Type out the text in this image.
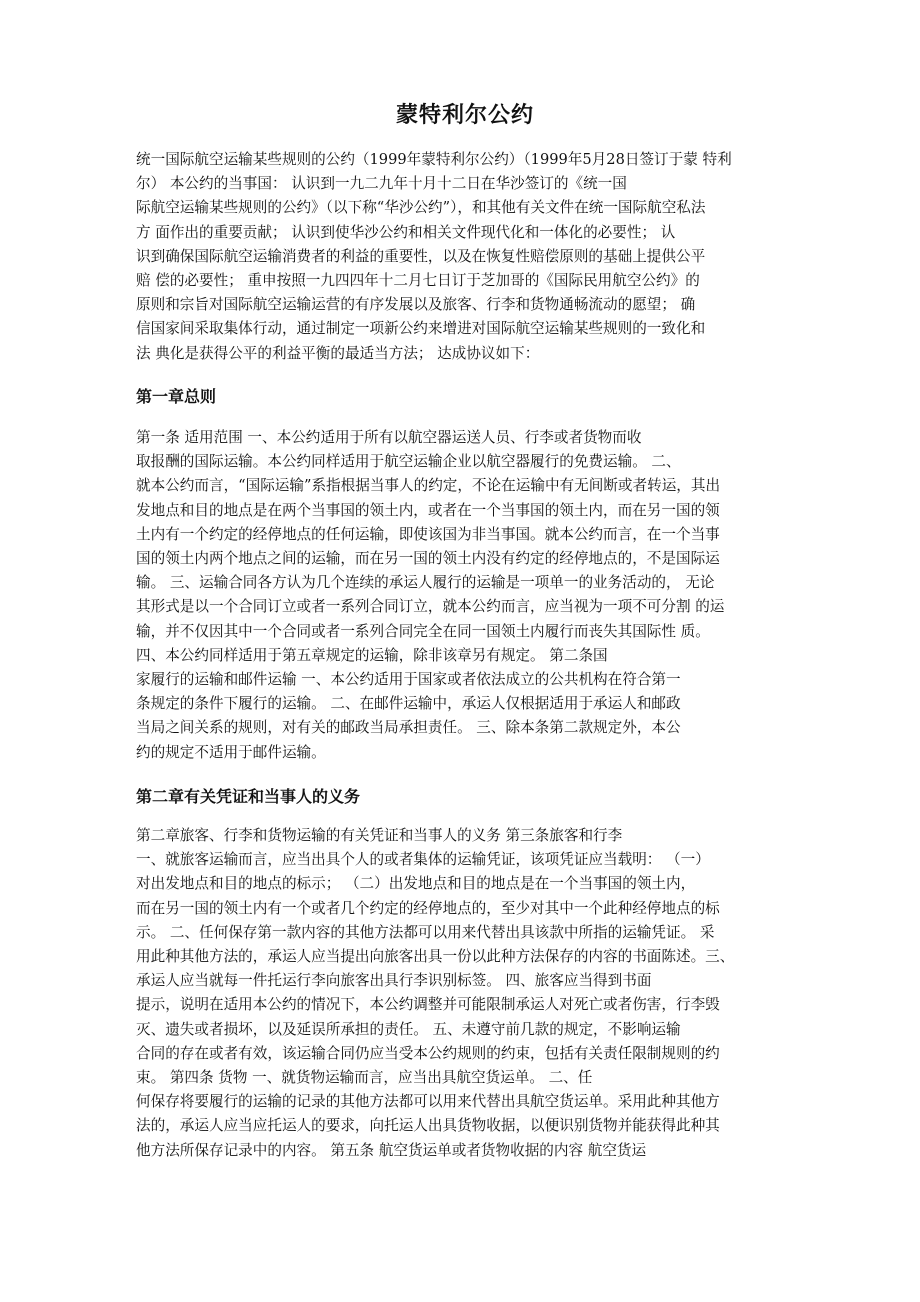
蒙特利尔公约
统一国际航空运输某些规则的公约（1999年蒙特利尔公约）（1999年5月28日签订于蒙 特利
尔） 本公约的当事国： 认识到一九二九年十月十二日在华沙签订的《统一国
际航空运输某些规则的公约》（以下称“华沙公约”），和其他有关文件在统一国际航空私法
方 面作出的重要贡献； 认识到使华沙公约和相关文件现代化和一体化的必要性； 认
识到确保国际航空运输消费者的利益的重要性，以及在恢复性赔偿原则的基础上提供公平
赔 偿的必要性； 重申按照一九四四年十二月七日订于芝加哥的《国际民用航空公约》的
原则和宗旨对国际航空运输运营的有序发展以及旅客、行李和货物通畅流动的愿望； 确
信国家间采取集体行动，通过制定一项新公约来增进对国际航空运输某些规则的一致化和
法 典化是获得公平的利益平衡的最适当方法； 达成协议如下：
第一章总则
第一条 适用范围 一、本公约适用于所有以航空器运送人员、行李或者货物而收
取报酬的国际运输。本公约同样适用于航空运输企业以航空器履行的免费运输。 二、
就本公约而言，“国际运输”系指根据当事人的约定，不论在运输中有无间断或者转运，其出
发地点和目的地点是在两个当事国的领土内，或者在一个当事国的领土内，而在另一国的领
土内有一个约定的经停地点的任何运输，即使该国为非当事国。就本公约而言，在一个当事
国的领土内两个地点之间的运输，而在另一国的领土内没有约定的经停地点的，不是国际运
输。 三、运输合同各方认为几个连续的承运人履行的运输是一项单一的业务活动的， 无论
其形式是以一个合同订立或者一系列合同订立，就本公约而言，应当视为一项不可分割 的运
输，并不仅因其中一个合同或者一系列合同完全在同一国领土内履行而丧失其国际性 质。
四、本公约同样适用于第五章规定的运输，除非该章另有规定。 第二条国
家履行的运输和邮件运输 一、本公约适用于国家或者依法成立的公共机构在符合第一
条规定的条件下履行的运输。 二、在邮件运输中，承运人仅根据适用于承运人和邮政
当局之间关系的规则，对有关的邮政当局承担责任。 三、除本条第二款规定外，本公
约的规定不适用于邮件运输。
第二章有关凭证和当事人的义务
第二章旅客、行李和货物运输的有关凭证和当事人的义务 第三条旅客和行李
一、就旅客运输而言，应当出具个人的或者集体的运输凭证，该项凭证应当载明： （一）
对出发地点和目的地点的标示； （二）出发地点和目的地点是在一个当事国的领土内，
而在另一国的领土内有一个或者几个约定的经停地点的，至少对其中一个此种经停地点的标
示。 二、任何保存第一款内容的其他方法都可以用来代替出具该款中所指的运输凭证。 采
用此种其他方法的，承运人应当提出向旅客出具一份以此种方法保存的内容的书面陈述。三、
承运人应当就每一件托运行李向旅客出具行李识别标签。 四、旅客应当得到书面
提示，说明在适用本公约的情况下，本公约调整并可能限制承运人对死亡或者伤害，行李毁
灭、遗失或者损坏，以及延误所承担的责任。 五、未遵守前几款的规定，不影响运输
合同的存在或者有效，该运输合同仍应当受本公约规则的约束，包括有关责任限制规则的约
束。 第四条 货物 一、就货物运输而言，应当出具航空货运单。 二、任
何保存将要履行的运输的记录的其他方法都可以用来代替出具航空货运单。采用此种其他方
法的，承运人应当应托运人的要求，向托运人出具货物收据，以便识别货物并能获得此种其
他方法所保存记录中的内容。 第五条 航空货运单或者货物收据的内容 航空货运
